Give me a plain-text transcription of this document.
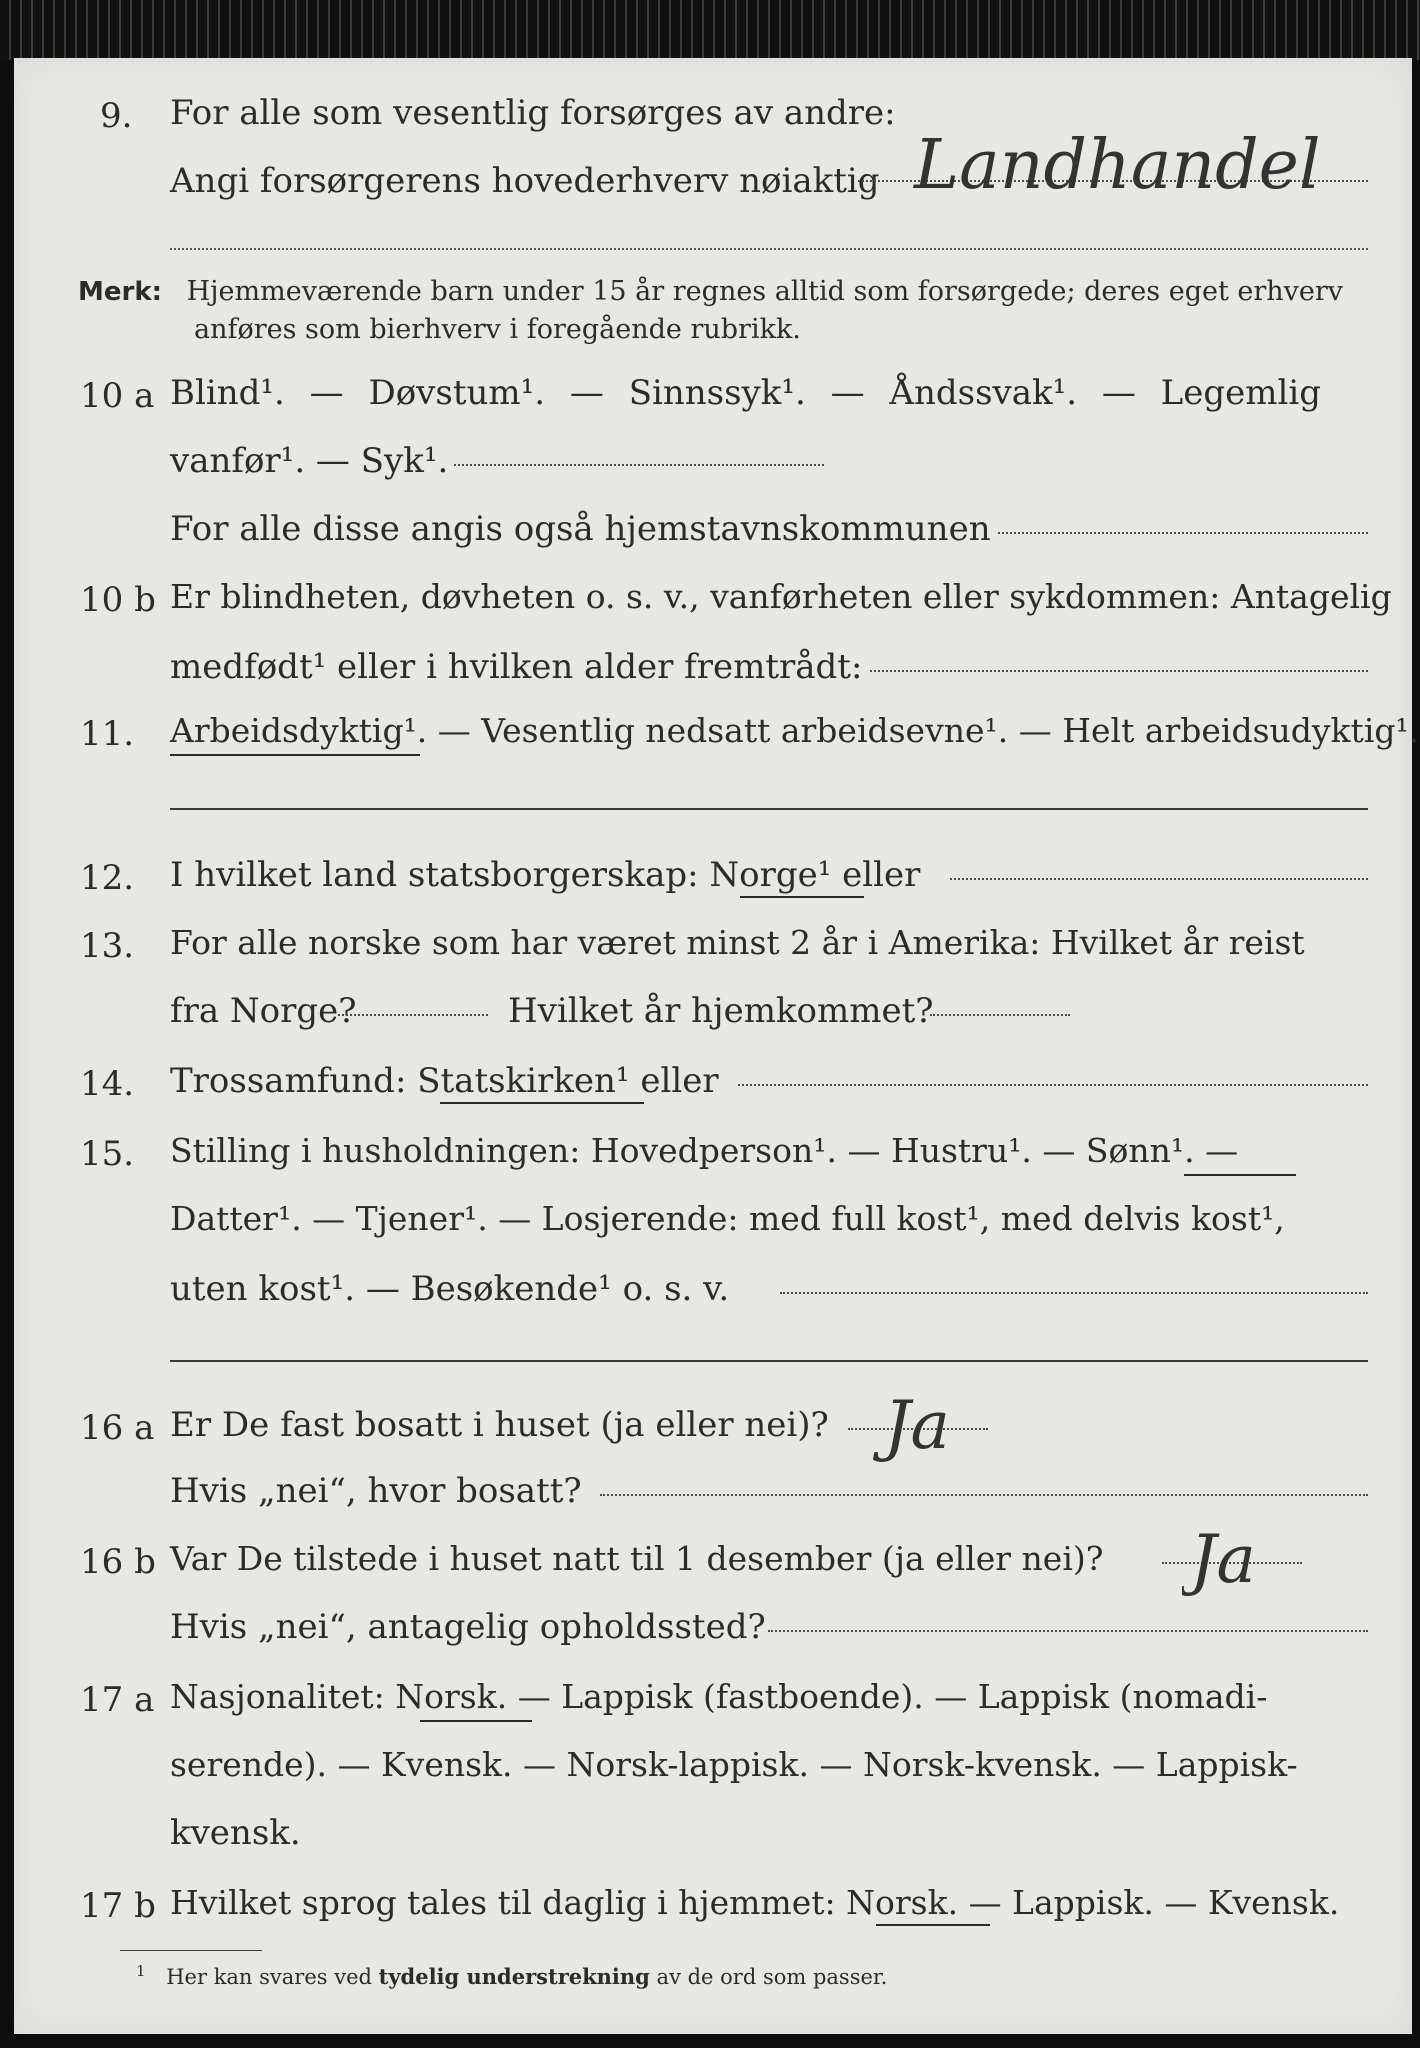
9. For alle som vesentlig forsørges av andre:
Angi forsørgerens hovederhverv nøiaktig Landhandel
Merk: Hjemmeværende barn under 15 år regnes alltid som forsørgede; deres eget erhverv
anføres som bierhverv i foregående rubrikk.
10 a Blind¹. — Døvstum¹. — Sinnssyk¹. — Åndssvak¹. — Legemlig
vanfør¹. — Syk¹.
For alle disse angis også hjemstavnskommunen
10 b Er blindheten, døvheten o. s. v., vanførheten eller sykdommen: Antagelig
medfødt¹ eller i hvilken alder fremtrådt:
11. Arbeidsdyktig¹. — Vesentlig nedsatt arbeidsevne¹. — Helt arbeidsudyktig¹.
12. I hvilket land statsborgerskap: Norge¹ eller
13. For alle norske som har været minst 2 år i Amerika: Hvilket år reist
fra Norge?	Hvilket år hjemkommet?
14. Trossamfund: Statskirken¹ eller
15. Stilling i husholdningen: Hovedperson¹. — Hustru¹. — Sønn¹. —
Datter¹. — Tjener¹. — Losjerende: med full kost¹, med delvis kost¹,
uten kost¹. — Besøkende¹ o. s. v.
16 a Er De fast bosatt i huset (ja eller nei)? Ja
Hvis „nei“, hvor bosatt?
16 b Var De tilstede i huset natt til 1 desember (ja eller nei)? Ja
Hvis „nei“, antagelig opholdssted?
17 a Nasjonalitet: Norsk. — Lappisk (fastboende). — Lappisk (nomadi-
serende). — Kvensk. — Norsk-lappisk. — Norsk-kvensk. — Lappisk-
kvensk.
17 b Hvilket sprog tales til daglig i hjemmet: Norsk. — Lappisk. — Kvensk.
$^1$ Her kan svares ved tydelig understrekning av de ord som passer.
